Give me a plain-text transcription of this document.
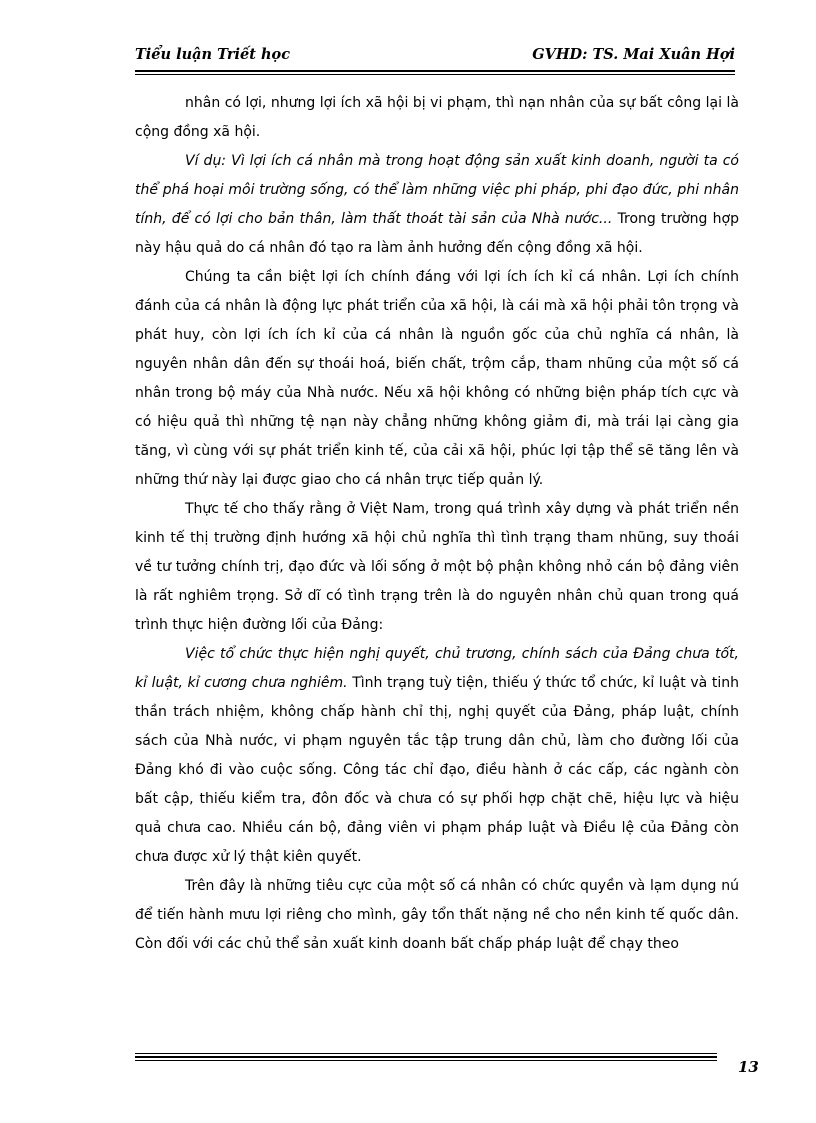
Tiểu luận Triết học	GVHD: TS. Mai Xuân Hợi

nhân có lợi, nhưng lợi ích xã hội bị vi phạm, thì nạn nhân của sự bất công lại là cộng đồng xã hội.

Ví dụ: Vì lợi ích cá nhân mà trong hoạt động sản xuất kinh doanh, người ta có thể phá hoại môi trường sống, có thể làm những việc phi pháp, phi đạo đức, phi nhân tính, để có lợi cho bản thân, làm thất thoát tài sản của Nhà nước... Trong trường hợp này hậu quả do cá nhân đó tạo ra làm ảnh hưởng đến cộng đồng xã hội.

Chúng ta cần biệt lợi ích chính đáng với lợi ích ích kỉ cá nhân. Lợi ích chính đánh của cá nhân là động lực phát triển của xã hội, là cái mà xã hội phải tôn trọng và phát huy, còn lợi ích ích kỉ của cá nhân là nguồn gốc của chủ nghĩa cá nhân, là nguyên nhân dân đến sự thoái hoá, biến chất, trộm cắp, tham nhũng của một số cá nhân trong bộ máy của Nhà nước. Nếu xã hội không có những biện pháp tích cực và có hiệu quả thì những tệ nạn này chẳng những không giảm đi, mà trái lại càng gia tăng, vì cùng với sự phát triển kinh tế, của cải xã hội, phúc lợi tập thể sẽ tăng lên và những thứ này lại được giao cho cá nhân trực tiếp quản lý.

Thực tế cho thấy rằng ở Việt Nam, trong quá trình xây dựng và phát triển nền kinh tế thị trường định hướng xã hội chủ nghĩa thì tình trạng tham nhũng, suy thoái về tư tưởng chính trị, đạo đức và lối sống ở một bộ phận không nhỏ cán bộ đảng viên là rất nghiêm trọng. Sở dĩ có tình trạng trên là do nguyên nhân chủ quan trong quá trình thực hiện đường lối của Đảng:

Việc tổ chức thực hiện nghị quyết, chủ trương, chính sách của Đảng chưa tốt, kỉ luật, kỉ cương chưa nghiêm. Tình trạng tuỳ tiện, thiếu ý thức tổ chức, kỉ luật và tinh thần trách nhiệm, không chấp hành chỉ thị, nghị quyết của Đảng, pháp luật, chính sách của Nhà nước, vi phạm nguyên tắc tập trung dân chủ, làm cho đường lối của Đảng khó đi vào cuộc sống. Công tác chỉ đạo, điều hành ở các cấp, các ngành còn bất cập, thiếu kiểm tra, đôn đốc và chưa có sự phối hợp chặt chẽ, hiệu lực và hiệu quả chưa cao. Nhiều cán bộ, đảng viên vi phạm pháp luật và Điều lệ của Đảng còn chưa được xử lý thật kiên quyết.

Trên đây là những tiêu cực của một số cá nhân có chức quyền và lạm dụng nú để tiến hành mưu lợi riêng cho mình, gây tổn thất nặng nề cho nền kinh tế quốc dân. Còn đối với các chủ thể sản xuất kinh doanh bất chấp pháp luật để chạy theo

13
